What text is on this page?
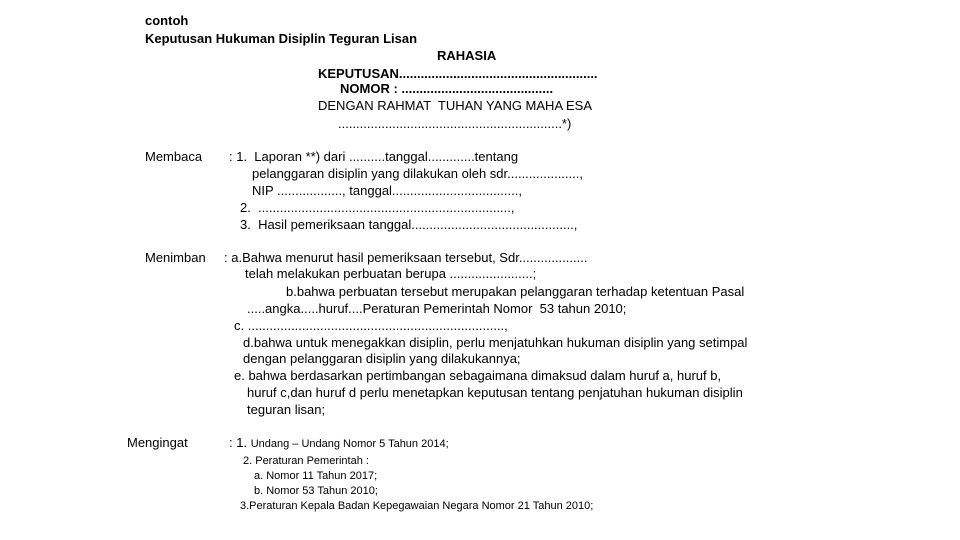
contoh
Keputusan Hukuman Disiplin Teguran Lisan
RAHASIA
KEPUTUSAN.......................................................
NOMOR : ..........................................
DENGAN RAHMAT  TUHAN YANG MAHA ESA
..............................................................*)
Membaca : 1.  Laporan **) dari ..........tanggal.............tentang
pelanggaran disiplin yang dilakukan oleh sdr....................,
NIP .................., tanggal...................................,
2.  ......................................................................,
3.  Hasil pemeriksaan tanggal.............................................,
Menimban : a.Bahwa menurut hasil pemeriksaan tersebut, Sdr...................
telah melakukan perbuatan berupa .......................;
b.bahwa perbuatan tersebut merupakan pelanggaran terhadap ketentuan Pasal
.....angka.....huruf....Peraturan Pemerintah Nomor  53 tahun 2010;
c. .......................................................................,
d.bahwa untuk menegakkan disiplin, perlu menjatuhkan hukuman disiplin yang setimpal
dengan pelanggaran disiplin yang dilakukannya;
e. bahwa berdasarkan pertimbangan sebagaimana dimaksud dalam huruf a, huruf b,
huruf c,dan huruf d perlu menetapkan keputusan tentang penjatuhan hukuman disiplin
teguran lisan;
Mengingat	: 1. Undang – Undang Nomor 5 Tahun 2014;
2. Peraturan Pemerintah :
a. Nomor 11 Tahun 2017;
b. Nomor 53 Tahun 2010;
3.Peraturan Kepala Badan Kepegawaian Negara Nomor 21 Tahun 2010;
